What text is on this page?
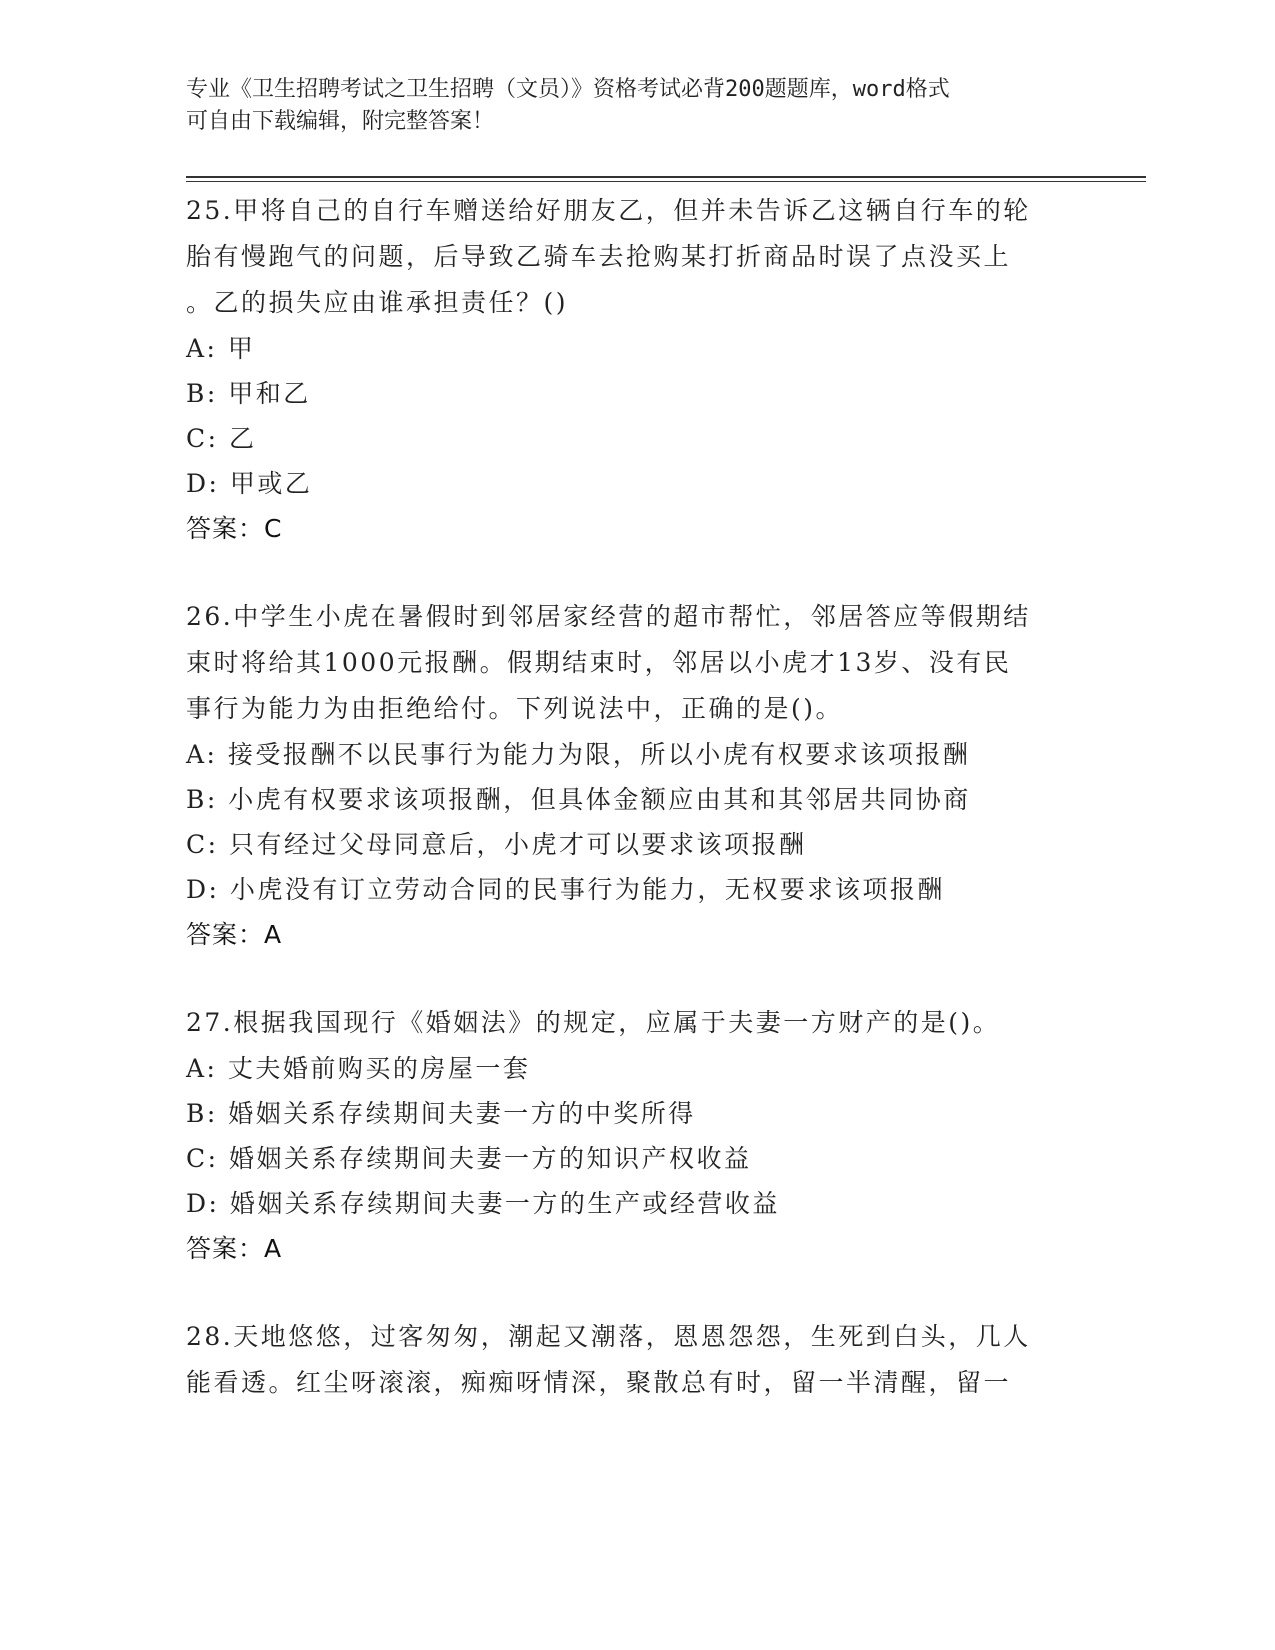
专业《卫生招聘考试之卫生招聘（文员）》资格考试必背200题题库，word格式
可自由下载编辑，附完整答案！
25.甲将自己的自行车赠送给好朋友乙，但并未告诉乙这辆自行车的轮
胎有慢跑气的问题，后导致乙骑车去抢购某打折商品时误了点没买上
。乙的损失应由谁承担责任？()
A: 甲
B: 甲和乙
C: 乙
D: 甲或乙
答案：C
26.中学生小虎在暑假时到邻居家经营的超市帮忙，邻居答应等假期结
束时将给其1000元报酬。假期结束时，邻居以小虎才13岁、没有民
事行为能力为由拒绝给付。下列说法中，正确的是()。
A: 接受报酬不以民事行为能力为限，所以小虎有权要求该项报酬
B: 小虎有权要求该项报酬，但具体金额应由其和其邻居共同协商
C: 只有经过父母同意后，小虎才可以要求该项报酬
D: 小虎没有订立劳动合同的民事行为能力，无权要求该项报酬
答案：A
27.根据我国现行《婚姻法》的规定，应属于夫妻一方财产的是()。
A: 丈夫婚前购买的房屋一套
B: 婚姻关系存续期间夫妻一方的中奖所得
C: 婚姻关系存续期间夫妻一方的知识产权收益
D: 婚姻关系存续期间夫妻一方的生产或经营收益
答案：A
28.天地悠悠，过客匆匆，潮起又潮落，恩恩怨怨，生死到白头，几人
能看透。红尘呀滚滚，痴痴呀情深，聚散总有时，留一半清醒，留一
